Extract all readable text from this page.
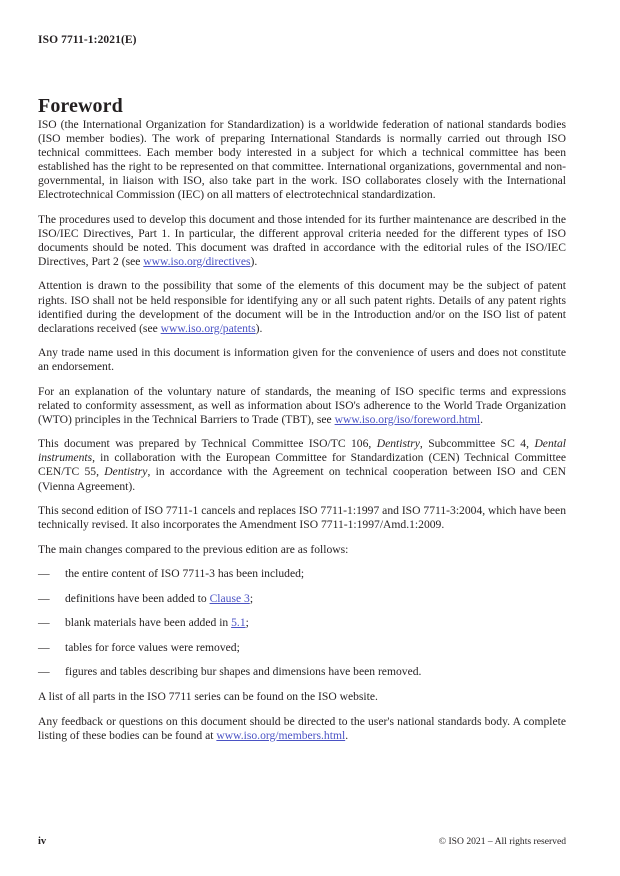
ISO 7711-1:2021(E)
Foreword

ISO (the International Organization for Standardization) is a worldwide federation of national standards bodies (ISO member bodies). The work of preparing International Standards is normally carried out through ISO technical committees. Each member body interested in a subject for which a technical committee has been established has the right to be represented on that committee. International organizations, governmental and non-governmental, in liaison with ISO, also take part in the work. ISO collaborates closely with the International Electrotechnical Commission (IEC) on all matters of electrotechnical standardization.

The procedures used to develop this document and those intended for its further maintenance are described in the ISO/IEC Directives, Part 1. In particular, the different approval criteria needed for the different types of ISO documents should be noted. This document was drafted in accordance with the editorial rules of the ISO/IEC Directives, Part 2 (see www.iso.org/directives).

Attention is drawn to the possibility that some of the elements of this document may be the subject of patent rights. ISO shall not be held responsible for identifying any or all such patent rights. Details of any patent rights identified during the development of the document will be in the Introduction and/or on the ISO list of patent declarations received (see www.iso.org/patents).

Any trade name used in this document is information given for the convenience of users and does not constitute an endorsement.

For an explanation of the voluntary nature of standards, the meaning of ISO specific terms and expressions related to conformity assessment, as well as information about ISO's adherence to the World Trade Organization (WTO) principles in the Technical Barriers to Trade (TBT), see www.iso.org/iso/foreword.html.

This document was prepared by Technical Committee ISO/TC 106, Dentistry, Subcommittee SC 4, Dental instruments, in collaboration with the European Committee for Standardization (CEN) Technical Committee CEN/TC 55, Dentistry, in accordance with the Agreement on technical cooperation between ISO and CEN (Vienna Agreement).

This second edition of ISO 7711-1 cancels and replaces ISO 7711-1:1997 and ISO 7711-3:2004, which have been technically revised. It also incorporates the Amendment ISO 7711-1:1997/Amd.1:2009.

The main changes compared to the previous edition are as follows:

— the entire content of ISO 7711-3 has been included;
— definitions have been added to Clause 3;
— blank materials have been added in 5.1;
— tables for force values were removed;
— figures and tables describing bur shapes and dimensions have been removed.

A list of all parts in the ISO 7711 series can be found on the ISO website.

Any feedback or questions on this document should be directed to the user's national standards body. A complete listing of these bodies can be found at www.iso.org/members.html.

iv	© ISO 2021 – All rights reserved
